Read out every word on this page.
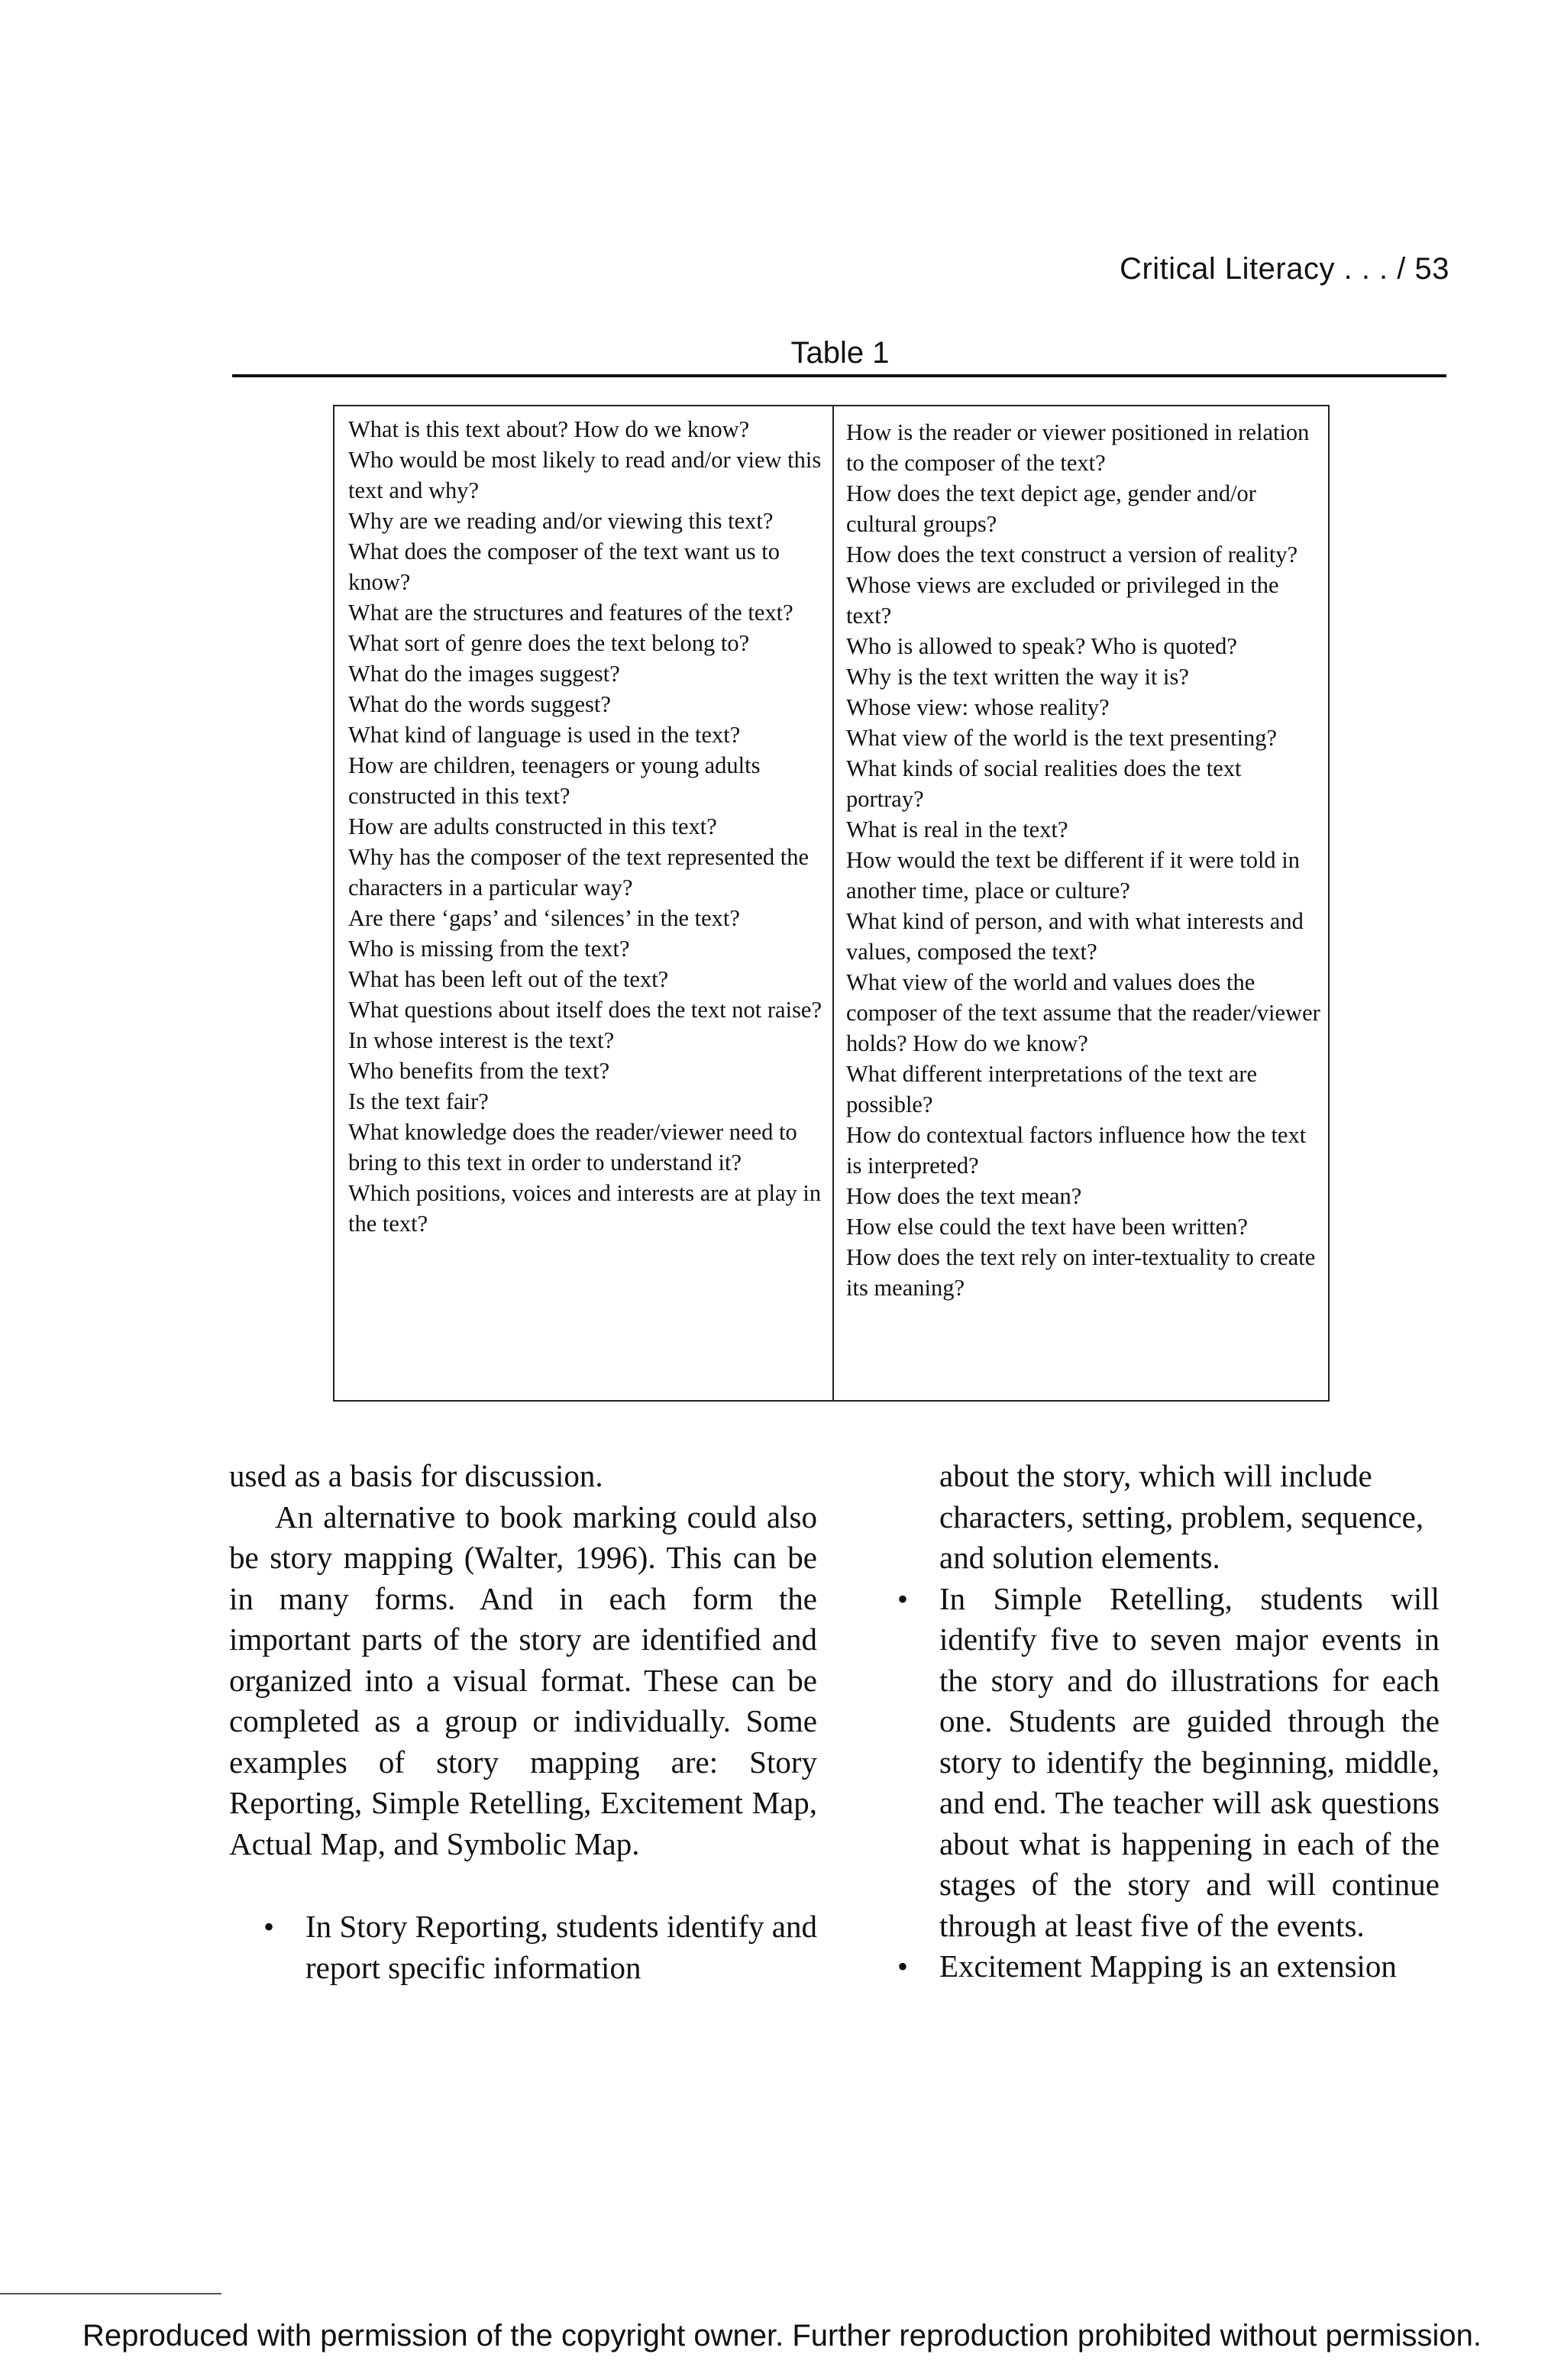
Critical Literacy . . . / 53
Table 1

What is this text about? How do we know?

Who would be most likely to read and/or view this text and why?

Why are we reading and/or viewing this text?

What does the composer of the text want us to know?

What are the structures and features of the text?

What sort of genre does the text belong to?

What do the images suggest?

What do the words suggest?

What kind of language is used in the text?

How are children, teenagers or young adults constructed in this text?

How are adults constructed in this text?

Why has the composer of the text represented the characters in a particular way?

Are there ‘gaps’ and ‘silences’ in the text?

Who is missing from the text?

What has been left out of the text?

What questions about itself does the text not raise?

In whose interest is the text?

Who benefits from the text?

Is the text fair?

What knowledge does the reader/viewer need to bring to this text in order to understand it?

Which positions, voices and interests are at play in the text?

How is the reader or viewer positioned in relation to the composer of the text?

How does the text depict age, gender and/or cultural groups?

How does the text construct a version of reality?

Whose views are excluded or privileged in the text?

Who is allowed to speak? Who is quoted?

Why is the text written the way it is?

Whose view: whose reality?

What view of the world is the text presenting?

What kinds of social realities does the text portray?

What is real in the text?

How would the text be different if it were told in another time, place or culture?

What kind of person, and with what interests and values, composed the text?

What view of the world and values does the composer of the text assume that the reader/viewer holds? How do we know?

What different interpretations of the text are possible?

How do contextual factors influence how the text is interpreted?

How does the text mean?

How else could the text have been written?

How does the text rely on inter-textuality to create its meaning?

used as a basis for discussion.

An alternative to book marking could also be story mapping (Walter, 1996). This can be in many forms. And in each form the important parts of the story are identified and organized into a visual format. These can be completed as a group or individually. Some examples of story mapping are: Story Reporting, Simple Retelling, Excitement Map, Actual Map, and Symbolic Map.

• In Story Reporting, students identify and report specific information

about the story, which will include characters, setting, problem, sequence, and solution elements.

• In Simple Retelling, students will identify five to seven major events in the story and do illustrations for each one. Students are guided through the story to identify the beginning, middle, and end. The teacher will ask questions about what is happening in each of the stages of the story and will continue through at least five of the events.
• Excitement Mapping is an extension
Reproduced with permission of the copyright owner. Further reproduction prohibited without permission.
